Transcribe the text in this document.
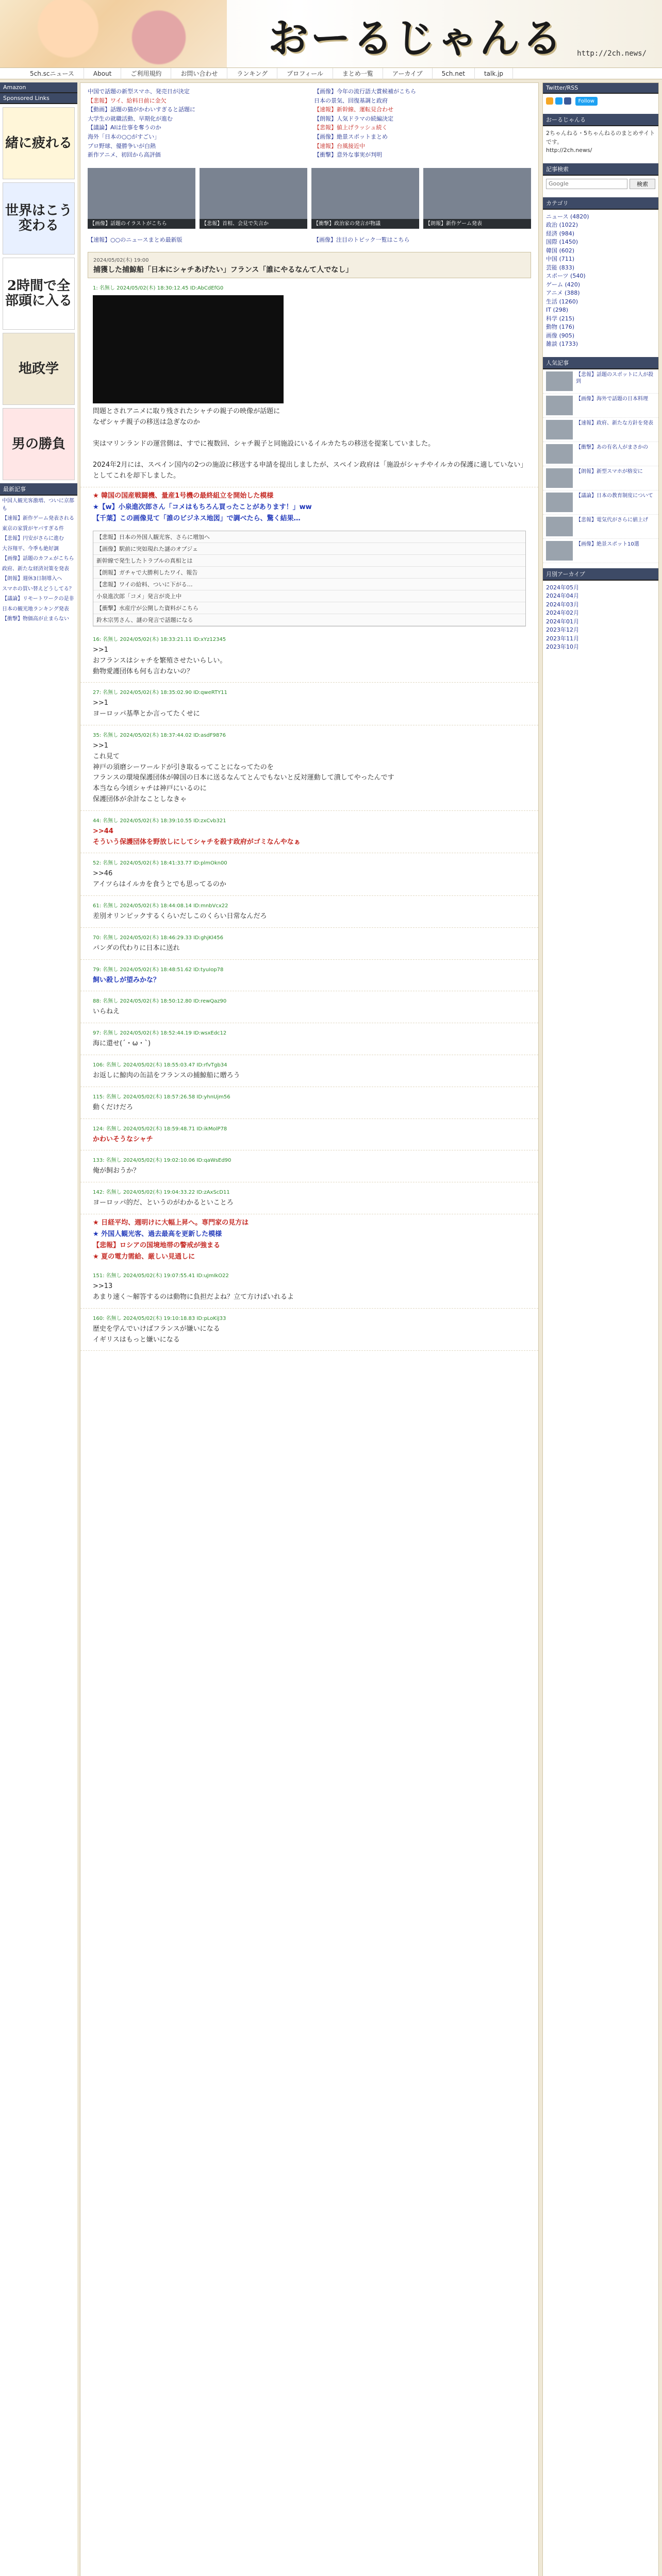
おーるじゃんる	http://2ch.news/
5ch.scニュース	About	ご利用規約	お問い合わせ	ランキング	プロフィール	まとめ一覧	アーカイブ	5ch.net	talk.jp
Amazon
Sponsored Links
緒に疲れる
世界はこう変わる
2時間で全部頭に入る
地政学
男の勝負
最新記事
中国人観光客激増、ついに京都も
【速報】新作ゲーム発表される
東京の家賃がヤバすぎる件
【悲報】円安がさらに進む
大谷翔平、今季も絶好調
【画像】話題のカフェがこちら
政府、新たな経済対策を発表
【朗報】週休3日制導入へ
スマホの買い替えどうしてる？
【議論】リモートワークの是非
日本の観光地ランキング発表
【衝撃】物価高が止まらない
中国で話題の新型スマホ、発売日が決定	【画像】今年の流行語大賞候補がこちら
【悲報】ワイ、給料日前に金欠	日本の景気、回復基調と政府
【動画】話題の猫がかわいすぎると話題に	【速報】新幹線、運転見合わせ
大学生の就職活動、早期化が進む	【朗報】人気ドラマの続編決定
【議論】AIは仕事を奪うのか	【悲報】値上げラッシュ続く
海外「日本の○○がすごい」	【画像】絶景スポットまとめ
プロ野球、優勝争いが白熱	【速報】台風接近中
新作アニメ、初回から高評価	【衝撃】意外な事実が判明
【画像】話題のイラストがこちら	【悲報】首相、会見で失言か	【衝撃】政治家の発言が物議	【朗報】新作ゲーム発表
【速報】○○のニュースまとめ最新版	【画像】注目のトピック一覧はこちら
2024/05/02(木) 19:00
捕獲した捕鯨船「日本にシャチあげたい」フランス「誰にやるなんて人でなし」
1: 名無し 2024/05/02(木) 18:30:12.45 ID:AbCdEfG0
問題とされアニメに取り残されたシャチの親子の映像が話題に
なぜシャチ親子の移送は急ぎなのか

実はマリンランドの運営側は、すでに複数回、シャチ親子と同施設にいるイルカたちの移送を提案していました。

2024年2月には、スペイン国内の2つの施設に移送する申請を提出しましたが、スペイン政府は「施設がシャチやイルカの保護に適していない」としてこれを却下しました。
★ 韓国の国産戦闘機、量産1号機の最終組立を開始した模様
★【w】小泉進次郎さん「コメはもちろん買ったことがあります！」ww
【千葉】この画像見て「誰のビジネス地図」で調べたら、驚く結果…
【悲報】日本の外国人観光客、さらに増加へ
【画像】駅前に突如現れた謎のオブジェ
新幹線で発生したトラブルの真相とは
【朗報】ガチャで大勝利したワイ、報告
【悲報】ワイの給料、ついに下がる…
小泉進次郎「コメ」発言が炎上中
【衝撃】水産庁が公開した資料がこちら
鈴木宗男さん、謎の発言で話題になる
16: 名無し 2024/05/02(木) 18:33:21.11 ID:xYz12345
>>1
おフランスはシャチを繁殖させたいらしい。
動物愛護団体も何も言わないの？
27: 名無し 2024/05/02(木) 18:35:02.90 ID:qweRTY11
>>1
ヨーロッパ基準とか言ってたくせに
35: 名無し 2024/05/02(木) 18:37:44.02 ID:asdF9876
>>1
これ見て
神戸の須磨シーワールドが引き取るってことになってたのを
フランスの環境保護団体が韓国の日本に送るなんてとんでもないと反対運動して潰してやったんです
本当なら今頃シャチは神戸にいるのに
保護団体が余計なことしなきゃ
44: 名無し 2024/05/02(木) 18:39:10.55 ID:zxCvb321
>>44
そういう保護団体を野放しにしてシャチを殺す政府がゴミなんやなぁ
52: 名無し 2024/05/02(木) 18:41:33.77 ID:plmOkn00
>>46
アイツらはイルカを食うとでも思ってるのか
61: 名無し 2024/05/02(木) 18:44:08.14 ID:mnbVcx22
差別オリンピックするくらいだしこのくらい日常なんだろ
70: 名無し 2024/05/02(木) 18:46:29.33 ID:ghjKl456
パンダの代わりに日本に送れ
79: 名無し 2024/05/02(木) 18:48:51.62 ID:tyuIop78
飼い殺しが望みかな？
88: 名無し 2024/05/02(木) 18:50:12.80 ID:rewQaz90
いらねえ
97: 名無し 2024/05/02(木) 18:52:44.19 ID:wsxEdc12
海に還せ(´・ω・`)
106: 名無し 2024/05/02(木) 18:55:03.47 ID:rfvTgb34
お返しに鯨肉の缶詰をフランスの捕鯨船に贈ろう
115: 名無し 2024/05/02(木) 18:57:26.58 ID:yhnUjm56
動くだけだろ
124: 名無し 2024/05/02(木) 18:59:48.71 ID:ikMolP78
かわいそうなシャチ
133: 名無し 2024/05/02(木) 19:02:10.06 ID:qaWsEd90
俺が飼おうか？
142: 名無し 2024/05/02(木) 19:04:33.22 ID:zAxScD11
ヨーロッパ的だ、というのがわかるといことろ
★ 日経平均、週明けに大幅上昇へ。専門家の見方は
★ 外国人観光客、過去最高を更新した模様
【悲報】ロシアの国境地帯の警戒が強まる
★ 夏の電力需給、厳しい見通しに
151: 名無し 2024/05/02(木) 19:07:55.41 ID:uJmIkO22
>>13
あまり速く～解答するのは動物に負担だよね？立て方けばいれるよ
160: 名無し 2024/05/02(木) 19:10:18.83 ID:pLoKiJ33
歴史を学んでいけばフランスが嫌いになる
イギリスはもっと嫌いになる
Twitter/RSS
Follow
おーるじゃんる
2ちゃんねる・5ちゃんねるのまとめサイトです。
http://2ch.news/
記事検索
Google
検索
カテゴリ
ニュース (4820)
政治 (1022)
経済 (984)
国際 (1450)
韓国 (602)
中国 (711)
芸能 (833)
スポーツ (540)
ゲーム (420)
アニメ (388)
生活 (1260)
IT (298)
科学 (215)
動物 (176)
画像 (905)
雑談 (1733)
人気記事
【悲報】話題のスポットに人が殺到
【画像】海外で話題の日本料理
【速報】政府、新たな方針を発表
【衝撃】あの有名人がまさかの
【朗報】新型スマホが格安に
【議論】日本の教育制度について
【悲報】電気代がさらに値上げ
【画像】絶景スポット10選
月別アーカイブ
2024年05月
2024年04月
2024年03月
2024年02月
2024年01月
2023年12月
2023年11月
2023年10月
